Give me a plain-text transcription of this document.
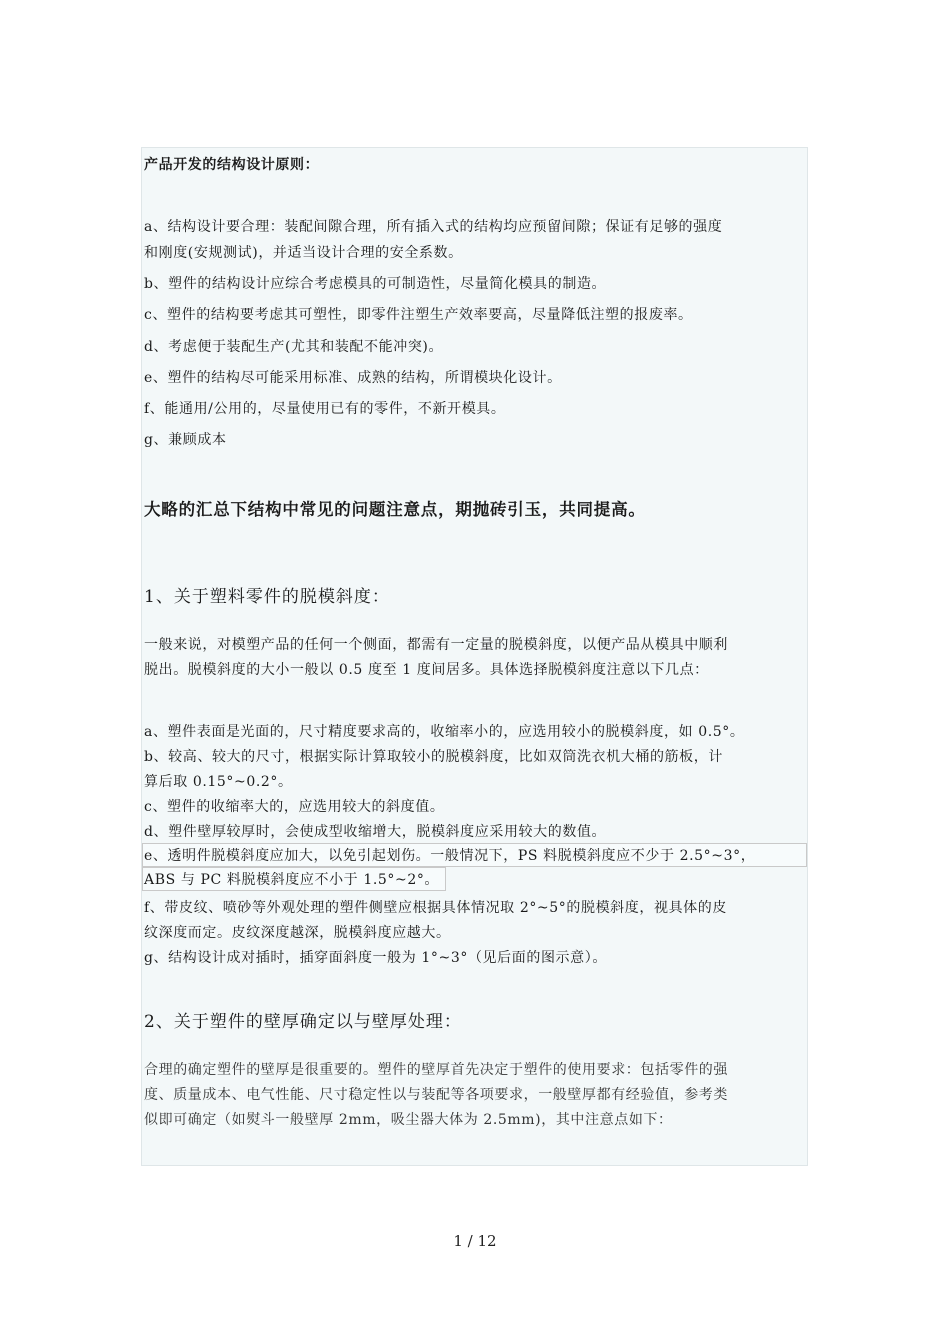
产品开发的结构设计原则：
a、结构设计要合理：装配间隙合理，所有插入式的结构均应预留间隙；保证有足够的强度
和刚度(安规测试)，并适当设计合理的安全系数。
b、塑件的结构设计应综合考虑模具的可制造性，尽量简化模具的制造。
c、塑件的结构要考虑其可塑性，即零件注塑生产效率要高，尽量降低注塑的报废率。
d、考虑便于装配生产(尤其和装配不能冲突)。
e、塑件的结构尽可能采用标准、成熟的结构，所谓模块化设计。
f、能通用/公用的，尽量使用已有的零件，不新开模具。
g、兼顾成本
大略的汇总下结构中常见的问题注意点，期抛砖引玉，共同提高。
1、关于塑料零件的脱模斜度：
一般来说，对模塑产品的任何一个侧面，都需有一定量的脱模斜度，以便产品从模具中顺利
脱出。脱模斜度的大小一般以 0.5 度至 1 度间居多。具体选择脱模斜度注意以下几点：
a、塑件表面是光面的，尺寸精度要求高的，收缩率小的，应选用较小的脱模斜度，如 0.5°。
b、较高、较大的尺寸，根据实际计算取较小的脱模斜度，比如双筒洗衣机大桶的筋板，计
算后取 0.15°~0.2°。
c、塑件的收缩率大的，应选用较大的斜度值。
d、塑件壁厚较厚时，会使成型收缩增大，脱模斜度应采用较大的数值。
e、透明件脱模斜度应加大，以免引起划伤。一般情况下，PS 料脱模斜度应不少于 2.5°~3°，
ABS 与 PC 料脱模斜度应不小于 1.5°~2°。
f、带皮纹、喷砂等外观处理的塑件侧壁应根据具体情况取 2°~5°的脱模斜度，视具体的皮
纹深度而定。皮纹深度越深，脱模斜度应越大。
g、结构设计成对插时，插穿面斜度一般为 1°~3°（见后面的图示意）。
2、关于塑件的壁厚确定以与壁厚处理：
合理的确定塑件的壁厚是很重要的。塑件的壁厚首先决定于塑件的使用要求：包括零件的强
度、质量成本、电气性能、尺寸稳定性以与装配等各项要求，一般壁厚都有经验值，参考类
似即可确定（如熨斗一般壁厚 2mm，吸尘器大体为 2.5mm)，其中注意点如下：
1 / 12
